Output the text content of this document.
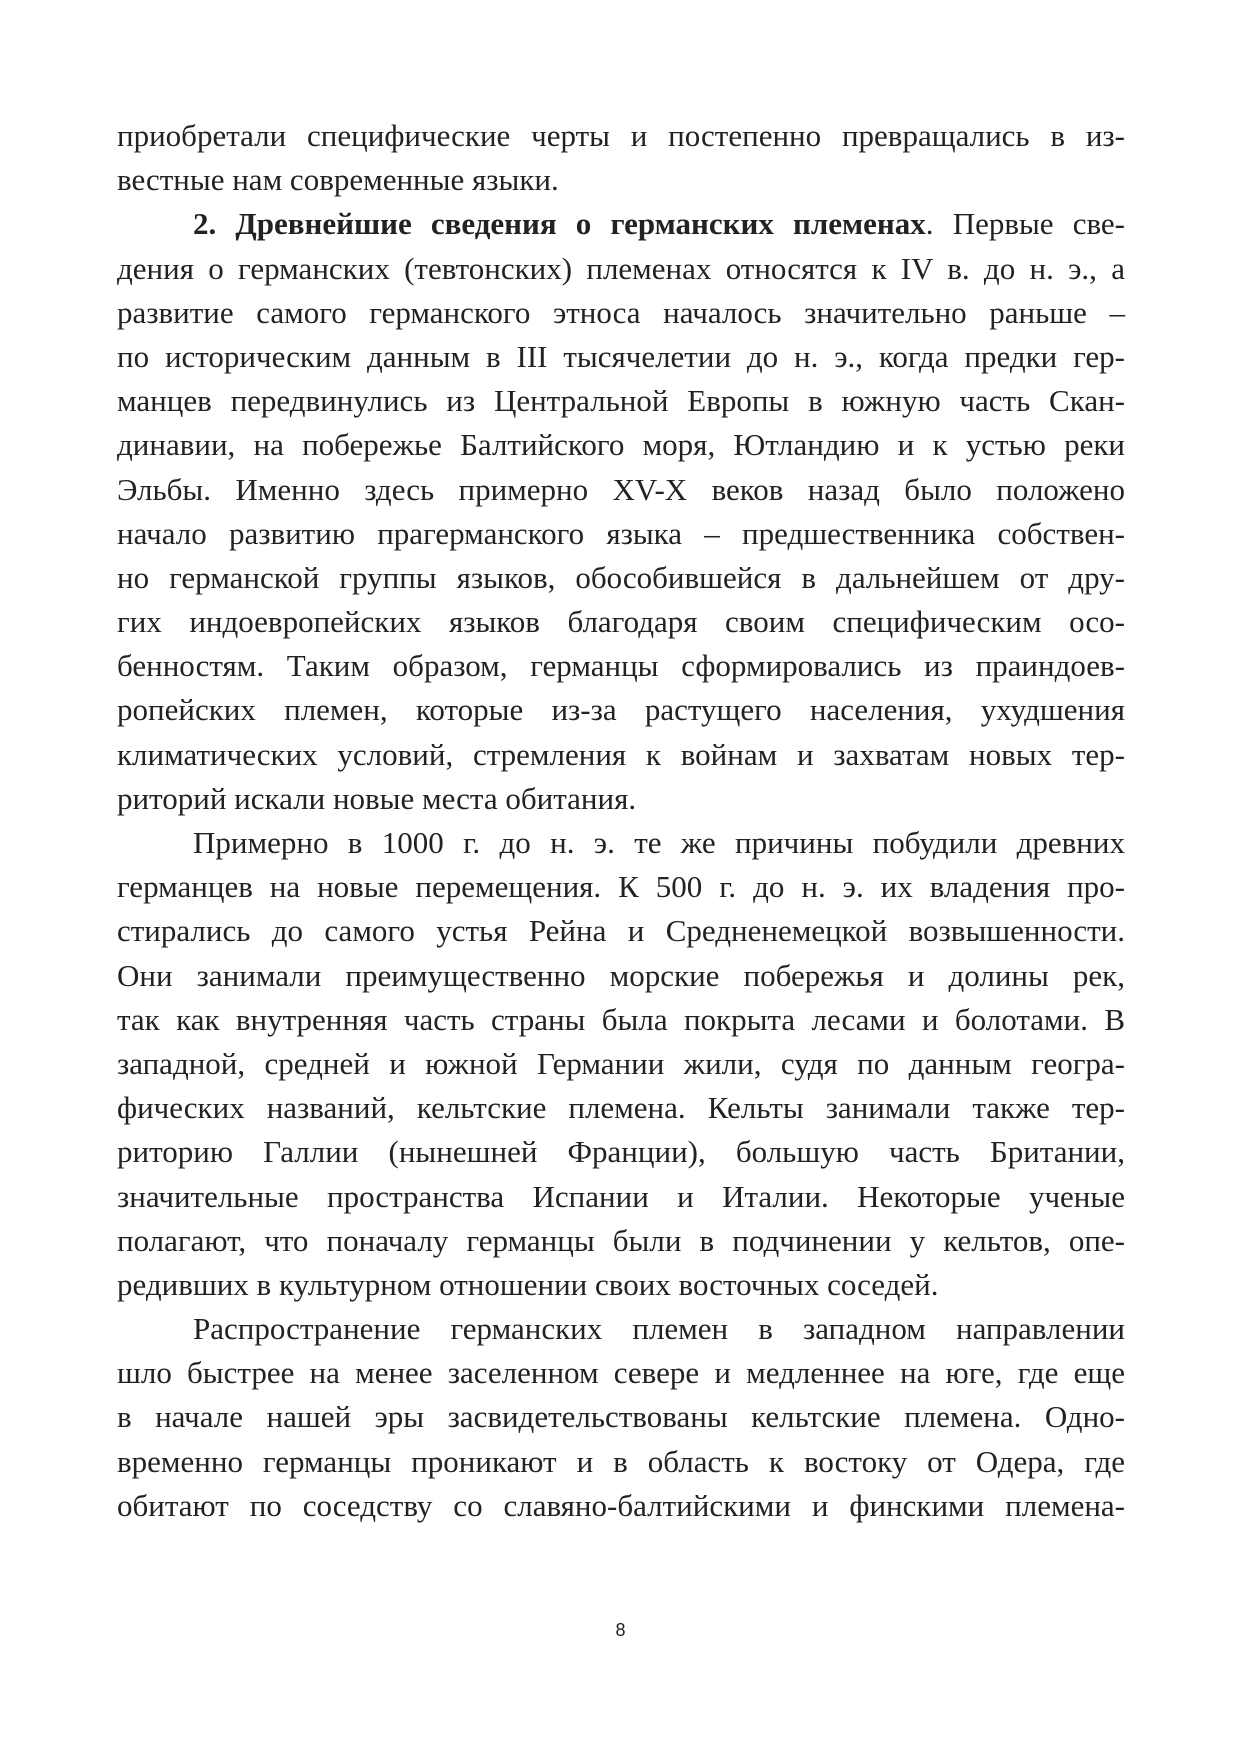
приобретали специфические черты и постепенно превращались в из-
вестные нам современные языки.
2. Древнейшие сведения о германских племенах. Первые све-
дения о германских (тевтонских) племенах относятся к IV в. до н. э., а
развитие самого германского этноса началось значительно раньше –
по историческим данным в III тысячелетии до н. э., когда предки гер-
манцев передвинулись из Центральной Европы в южную часть Скан-
динавии, на побережье Балтийского моря, Ютландию и к устью реки
Эльбы. Именно здесь примерно XV-X веков назад было положено
начало развитию прагерманского языка – предшественника собствен-
но германской группы языков, обособившейся в дальнейшем от дру-
гих индоевропейских языков благодаря своим специфическим осо-
бенностям. Таким образом, германцы сформировались из праиндоев-
ропейских племен, которые из-за растущего населения, ухудшения
климатических условий, стремления к войнам и захватам новых тер-
риторий искали новые места обитания.
Примерно в 1000 г. до н. э. те же причины побудили древних
германцев на новые перемещения. К 500 г. до н. э. их владения про-
стирались до самого устья Рейна и Средненемецкой возвышенности.
Они занимали преимущественно морские побережья и долины рек,
так как внутренняя часть страны была покрыта лесами и болотами. В
западной, средней и южной Германии жили, судя по данным геогра-
фических названий, кельтские племена. Кельты занимали также тер-
риторию Галлии (нынешней Франции), большую часть Британии,
значительные пространства Испании и Италии. Некоторые ученые
полагают, что поначалу германцы были в подчинении у кельтов, опе-
редивших в культурном отношении своих восточных соседей.
Распространение германских племен в западном направлении
шло быстрее на менее заселенном севере и медленнее на юге, где еще
в начале нашей эры засвидетельствованы кельтские племена. Одно-
временно германцы проникают и в область к востоку от Одера, где
обитают по соседству со славяно-балтийскими и финскими племена-
8
